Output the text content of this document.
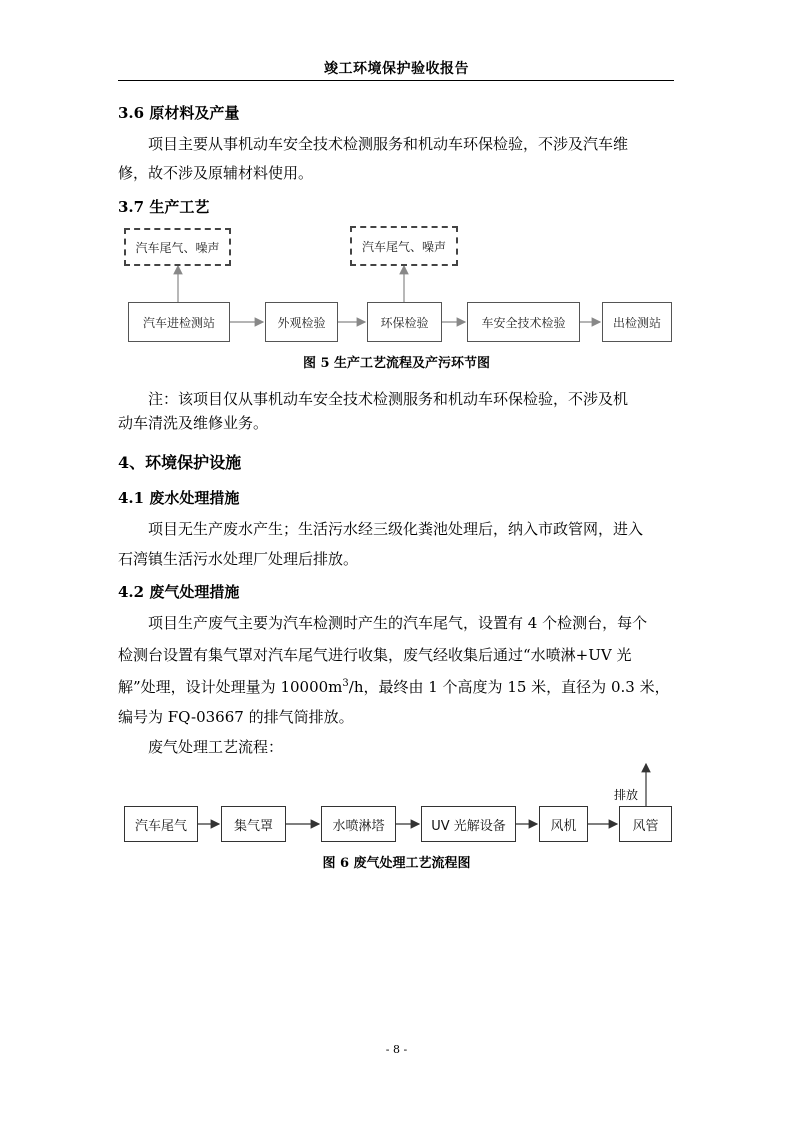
竣工环境保护验收报告
3.6 原材料及产量
项目主要从事机动车安全技术检测服务和机动车环保检验，不涉及汽车维
修，故不涉及原辅材料使用。
3.7 生产工艺
汽车尾气、噪声	汽车尾气、噪声
汽车进检测站	外观检验	环保检验	车安全技术检验	出检测站
图 5 生产工艺流程及产污环节图
注：该项目仅从事机动车安全技术检测服务和机动车环保检验，不涉及机
动车清洗及维修业务。
4、环境保护设施
4.1 废水处理措施
项目无生产废水产生；生活污水经三级化粪池处理后，纳入市政管网，进入
石湾镇生活污水处理厂处理后排放。
4.2 废气处理措施
项目生产废气主要为汽车检测时产生的汽车尾气，设置有 4 个检测台，每个
检测台设置有集气罩对汽车尾气进行收集，废气经收集后通过“水喷淋+UV 光
解”处理，设计处理量为 $10000m^3/h$，最终由 1 个高度为 15 米，直径为 0.3 米，
编号为 FQ-03667 的排气筒排放。
废气处理工艺流程：
汽车尾气	集气罩	水喷淋塔	UV 光解设备	风机	风管
排放
图 6 废气处理工艺流程图
- 8 -
